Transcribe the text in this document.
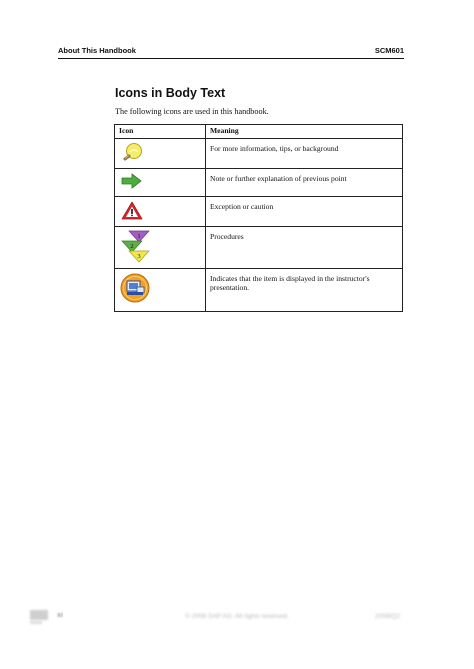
About This Handbook	SCM601
Icons in Body Text
The following icons are used in this handbook.
Icon	Meaning

	For more information, tips, or background

	Note or further explanation of previous point

	Exception or caution

1
2
3	Procedures

	Indicates that the item is displayed in the instructor's presentation.
xi	© 2008 SAP AG. All rights reserved.	2008/Q2
